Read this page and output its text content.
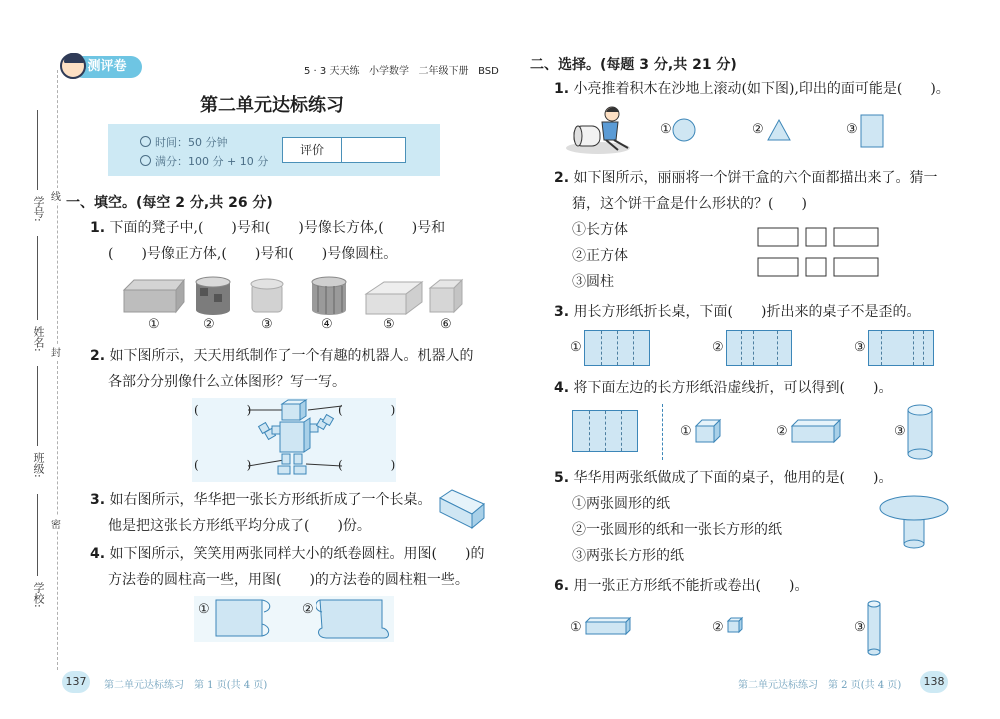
学号:
姓名:
班级:
学校:
线
封
密
测评卷	5 · 3 天天练 小学数学 二年级下册 BSD
第二单元达标练习
时间：50 分钟
满分：100 分 + 10 分
评价
一、填空。(每空 2 分,共 26 分)
1. 下面的凳子中,(　　)号和(　　)号像长方体,(　　)号和
(　　)号像正方体,(　　)号和(　　)号像圆柱。
①	②	③	④	⑤	⑥
2. 如下图所示，天天用纸制作了一个有趣的机器人。机器人的
各部分分别像什么立体图形？写一写。
(　　　　)	(　　　　)
(　　　　)	(　　　　)
3. 如右图所示，华华把一张长方形纸折成了一个长桌。
他是把这张长方形纸平均分成了(　　)份。
4. 如下图所示，笑笑用两张同样大小的纸卷圆柱。用图(　　)的
方法卷的圆柱高一些，用图(　　)的方法卷的圆柱粗一些。
①	②
二、选择。(每题 3 分,共 21 分)
1. 小亮推着积木在沙地上滚动(如下图),印出的面可能是(　　)。
①	②	③
2. 如下图所示，丽丽将一个饼干盒的六个面都描出来了。猜一
猜，这个饼干盒是什么形状的？(　　)
①长方体
②正方体
③圆柱
3. 用长方形纸折长桌，下面(　　)折出来的桌子不是歪的。
①	②	③
4. 将下面左边的长方形纸沿虚线折，可以得到(　　)。
①	②	③
5. 华华用两张纸做成了下面的桌子，他用的是(　　)。
①两张圆形的纸
②一张圆形的纸和一张长方形的纸
③两张长方形的纸
6. 用一张正方形纸不能折或卷出(　　)。
①	②	③
137	第二单元达标练习　第 1 页(共 4 页)	第二单元达标练习　第 2 页(共 4 页)	138
